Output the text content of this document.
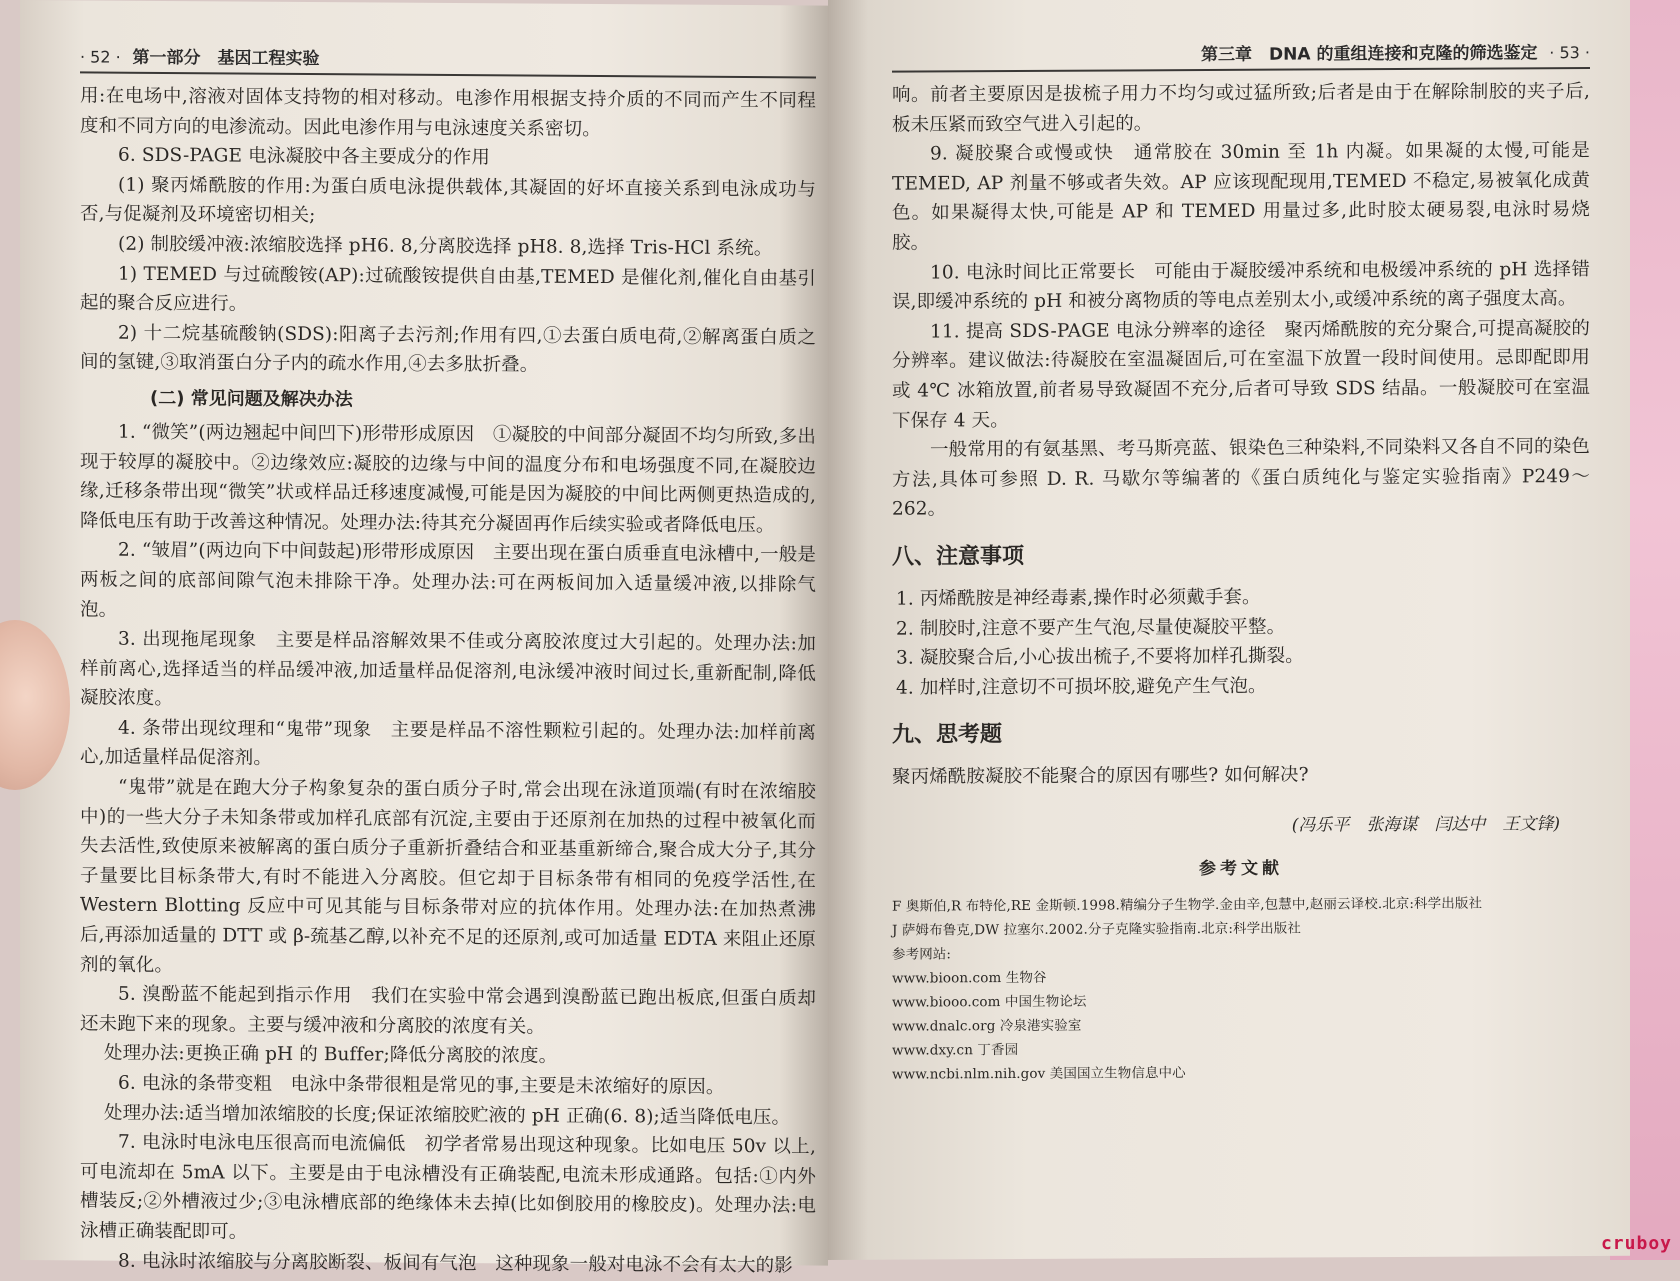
· 52 · 第一部分　基因工程实验

用:在电场中,溶液对固体支持物的相对移动。电渗作用根据支持介质的不同而产生不同程度和不同方向的电渗流动。因此电渗作用与电泳速度关系密切。

6. SDS-PAGE 电泳凝胶中各主要成分的作用

(1) 聚丙烯酰胺的作用:为蛋白质电泳提供载体,其凝固的好坏直接关系到电泳成功与否,与促凝剂及环境密切相关;

(2) 制胶缓冲液:浓缩胶选择 pH6. 8,分离胶选择 pH8. 8,选择 Tris-HCl 系统。

1) TEMED 与过硫酸铵(AP):过硫酸铵提供自由基,TEMED 是催化剂,催化自由基引起的聚合反应进行。

2) 十二烷基硫酸钠(SDS):阳离子去污剂;作用有四,①去蛋白质电荷,②解离蛋白质之间的氢键,③取消蛋白分子内的疏水作用,④去多肽折叠。

(二) 常见问题及解决办法

1. “微笑”(两边翘起中间凹下)形带形成原因　①凝胶的中间部分凝固不均匀所致,多出现于较厚的凝胶中。②边缘效应:凝胶的边缘与中间的温度分布和电场强度不同,在凝胶边缘,迁移条带出现“微笑”状或样品迁移速度减慢,可能是因为凝胶的中间比两侧更热造成的,降低电压有助于改善这种情况。处理办法:待其充分凝固再作后续实验或者降低电压。

2. “皱眉”(两边向下中间鼓起)形带形成原因　主要出现在蛋白质垂直电泳槽中,一般是两板之间的底部间隙气泡未排除干净。处理办法:可在两板间加入适量缓冲液,以排除气泡。

3. 出现拖尾现象　主要是样品溶解效果不佳或分离胶浓度过大引起的。处理办法:加样前离心,选择适当的样品缓冲液,加适量样品促溶剂,电泳缓冲液时间过长,重新配制,降低凝胶浓度。

4. 条带出现纹理和“鬼带”现象　主要是样品不溶性颗粒引起的。处理办法:加样前离心,加适量样品促溶剂。

“鬼带”就是在跑大分子构象复杂的蛋白质分子时,常会出现在泳道顶端(有时在浓缩胶中)的一些大分子未知条带或加样孔底部有沉淀,主要由于还原剂在加热的过程中被氧化而失去活性,致使原来被解离的蛋白质分子重新折叠结合和亚基重新缔合,聚合成大分子,其分子量要比目标条带大,有时不能进入分离胶。但它却于目标条带有相同的免疫学活性,在 Western Blotting 反应中可见其能与目标条带对应的抗体作用。处理办法:在加热煮沸后,再添加适量的 DTT 或 β-巯基乙醇,以补充不足的还原剂,或可加适量 EDTA 来阻止还原剂的氧化。

5. 溴酚蓝不能起到指示作用　我们在实验中常会遇到溴酚蓝已跑出板底,但蛋白质却还未跑下来的现象。主要与缓冲液和分离胶的浓度有关。

处理办法:更换正确 pH 的 Buffer;降低分离胶的浓度。

6. 电泳的条带变粗　电泳中条带很粗是常见的事,主要是未浓缩好的原因。

处理办法:适当增加浓缩胶的长度;保证浓缩胶贮液的 pH 正确(6. 8);适当降低电压。

7. 电泳时电泳电压很高而电流偏低　初学者常易出现这种现象。比如电压 50v 以上,可电流却在 5mA 以下。主要是由于电泳槽没有正确装配,电流未形成通路。包括:①内外槽装反;②外槽液过少;③电泳槽底部的绝缘体未去掉(比如倒胶用的橡胶皮)。处理办法:电泳槽正确装配即可。

8. 电泳时浓缩胶与分离胶断裂、板间有气泡　这种现象一般对电泳不会有太大的影

第三章　DNA 的重组连接和克隆的筛选鉴定 · 53 ·

响。前者主要原因是拔梳子用力不均匀或过猛所致;后者是由于在解除制胶的夹子后,板未压紧而致空气进入引起的。

9. 凝胶聚合或慢或快　通常胶在 30min 至 1h 内凝。如果凝的太慢,可能是 TEMED, AP 剂量不够或者失效。AP 应该现配现用,TEMED 不稳定,易被氧化成黄色。如果凝得太快,可能是 AP 和 TEMED 用量过多,此时胶太硬易裂,电泳时易烧胶。

10. 电泳时间比正常要长　可能由于凝胶缓冲系统和电极缓冲系统的 pH 选择错误,即缓冲系统的 pH 和被分离物质的等电点差别太小,或缓冲系统的离子强度太高。

11. 提高 SDS-PAGE 电泳分辨率的途径　聚丙烯酰胺的充分聚合,可提高凝胶的分辨率。建议做法:待凝胶在室温凝固后,可在室温下放置一段时间使用。忌即配即用或 4℃ 冰箱放置,前者易导致凝固不充分,后者可导致 SDS 结晶。一般凝胶可在室温下保存 4 天。

一般常用的有氨基黑、考马斯亮蓝、银染色三种染料,不同染料又各自不同的染色方法,具体可参照 D. R. 马歇尔等编著的《蛋白质纯化与鉴定实验指南》P249～262。

八、注意事项

1. 丙烯酰胺是神经毒素,操作时必须戴手套。

2. 制胶时,注意不要产生气泡,尽量使凝胶平整。

3. 凝胶聚合后,小心拔出梳子,不要将加样孔撕裂。

4. 加样时,注意切不可损坏胶,避免产生气泡。

九、思考题

聚丙烯酰胺凝胶不能聚合的原因有哪些? 如何解决?

(冯乐平　张海谋　闫达中　王文锋)
参考文献

F 奥斯伯,R 布特伦,RE 金斯顿.1998.精编分子生物学.金由辛,包慧中,赵丽云译校.北京:科学出版社

J 萨姆布鲁克,DW 拉塞尔.2002.分子克隆实验指南.北京:科学出版社

参考网站:

www.bioon.com 生物谷

www.biooo.com 中国生物论坛

www.dnalc.org 冷泉港实验室

www.dxy.cn 丁香园

www.ncbi.nlm.nih.gov 美国国立生物信息中心

cruboy
